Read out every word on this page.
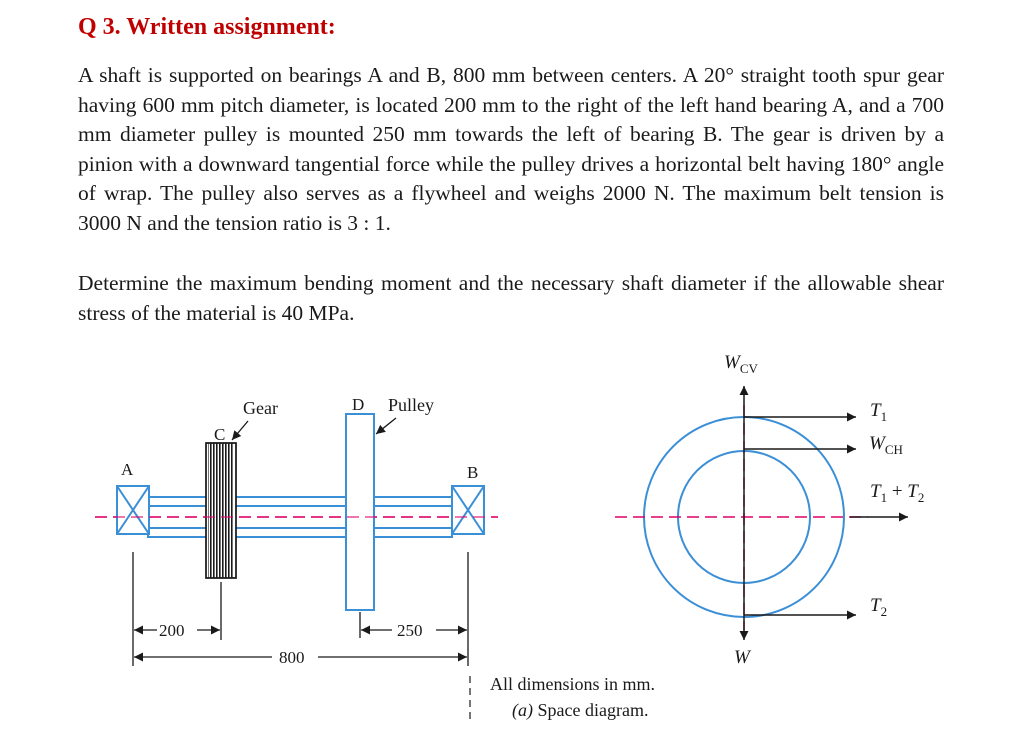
Q 3. Written assignment:

A shaft is supported on bearings A and B, 800 mm between centers. A 20° straight tooth spur gear having 600 mm pitch diameter, is located 200 mm to the right of the left hand bearing A, and a 700 mm diameter pulley is mounted 250 mm towards the left of bearing B. The gear is driven by a pinion with a downward tangential force while the pulley drives a horizontal belt having 180° angle of wrap. The pulley also serves as a flywheel and weighs 2000 N. The maximum belt tension is 3000 N and the tension ratio is 3 : 1.

Determine the maximum bending moment and the necessary shaft diameter if the allowable shear stress of the material is 40 MPa.

A	B
C
Gear	D Pulley
200	250
800
$W_{CV}$
$T_1$
$W_{CH}$
$T_1 + T_2$
$T_2$
W
All dimensions in mm.
(a) Space diagram.
